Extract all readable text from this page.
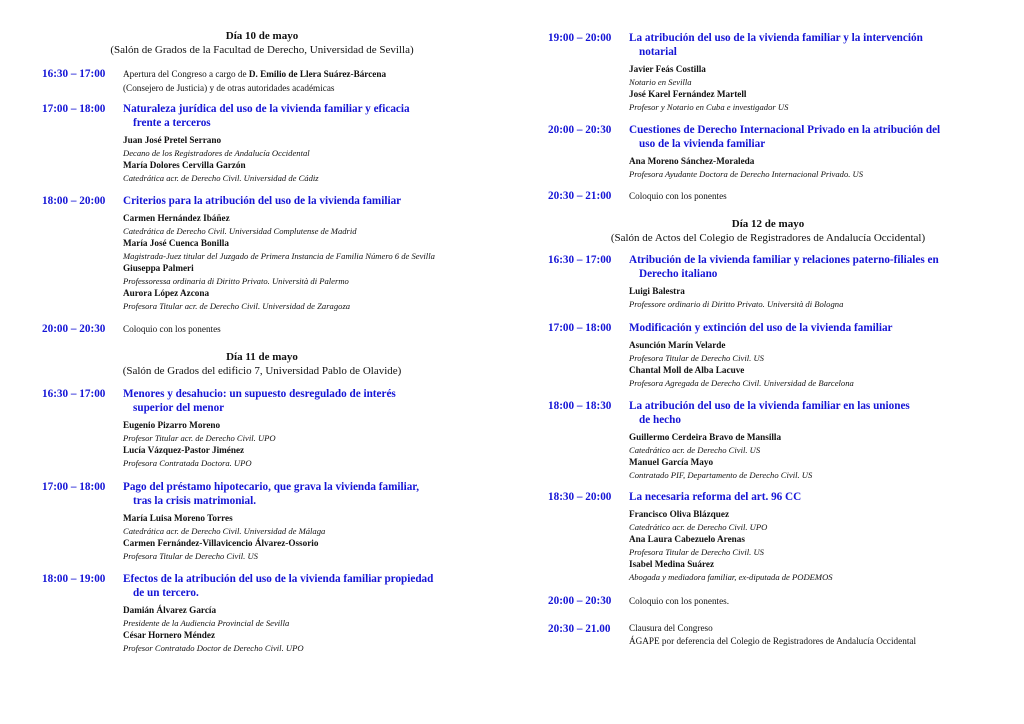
Día 10 de mayo
(Salón de Grados de la Facultad de Derecho, Universidad de Sevilla)
16:30 – 17:00	Apertura del Congreso a cargo de D. Emilio de Llera Suárez-Bárcena
(Consejero de Justicia) y de otras autoridades académicas
17:00 – 18:00	Naturaleza jurídica del uso de la vivienda familiar y eficacia
frente a terceros
Juan José Pretel Serrano
Decano de los Registradores de Andalucía Occidental
María Dolores Cervilla Garzón
Catedrática acr. de Derecho Civil. Universidad de Cádiz
18:00 – 20:00	Criterios para la atribución del uso de la vivienda familiar
Carmen Hernández Ibáñez
Catedrática de Derecho Civil. Universidad Complutense de Madrid
María José Cuenca Bonilla
Magistrada-Juez titular del Juzgado de Primera Instancia de Familia Número 6 de Sevilla
Giuseppa Palmeri
Professoressa ordinaria di Diritto Privato. Università di Palermo
Aurora López Azcona
Profesora Titular acr. de Derecho Civil. Universidad de Zaragoza
20:00 – 20:30	Coloquio con los ponentes
Día 11 de mayo
(Salón de Grados del edificio 7, Universidad Pablo de Olavide)
16:30 – 17:00	Menores y desahucio: un supuesto desregulado de interés
superior del menor
Eugenio Pizarro Moreno
Profesor Titular acr. de Derecho Civil. UPO
Lucía Vázquez-Pastor Jiménez
Profesora Contratada Doctora. UPO
17:00 – 18:00	Pago del préstamo hipotecario, que grava la vivienda familiar,
tras la crisis matrimonial.
María Luisa Moreno Torres
Catedrática acr. de Derecho Civil. Universidad de Málaga
Carmen Fernández-Villavicencio Álvarez-Ossorio
Profesora Titular de Derecho Civil. US
18:00 – 19:00	Efectos de la atribución del uso de la vivienda familiar propiedad
de un tercero.
Damián Álvarez García
Presidente de la Audiencia Provincial de Sevilla
César Hornero Méndez
Profesor Contratado Doctor de Derecho Civil. UPO
19:00 – 20:00	La atribución del uso de la vivienda familiar y la intervención
notarial
Javier Feás Costilla
Notario en Sevilla
José Karel Fernández Martell
Profesor y Notario en Cuba e investigador US
20:00 – 20:30	Cuestiones de Derecho Internacional Privado en la atribución del
uso de la vivienda familiar
Ana Moreno Sánchez-Moraleda
Profesora Ayudante Doctora de Derecho Internacional Privado. US
20:30 – 21:00	Coloquio con los ponentes
Día 12 de mayo
(Salón de Actos del Colegio de Registradores de Andalucía Occidental)
16:30 – 17:00	Atribución de la vivienda familiar y relaciones paterno-filiales en
Derecho italiano
Luigi Balestra
Professore ordinario di Diritto Privato. Università di Bologna
17:00 – 18:00	Modificación y extinción del uso de la vivienda familiar
Asunción Marín Velarde
Profesora Titular de Derecho Civil. US
Chantal Moll de Alba Lacuve
Profesora Agregada de Derecho Civil. Universidad de Barcelona
18:00 – 18:30	La atribución del uso de la vivienda familiar en las uniones
de hecho
Guillermo Cerdeira Bravo de Mansilla
Catedrático acr. de Derecho Civil. US
Manuel García Mayo
Contratado PIF, Departamento de Derecho Civil. US
18:30 – 20:00	La necesaria reforma del art. 96 CC
Francisco Oliva Blázquez
Catedrático acr. de Derecho Civil. UPO
Ana Laura Cabezuelo Arenas
Profesora Titular de Derecho Civil. US
Isabel Medina Suárez
Abogada y mediadora familiar, ex-diputada de PODEMOS
20:00 – 20:30	Coloquio con los ponentes.
20:30 – 21.00	Clausura del Congreso
ÁGAPE por deferencia del Colegio de Registradores de Andalucía Occidental
